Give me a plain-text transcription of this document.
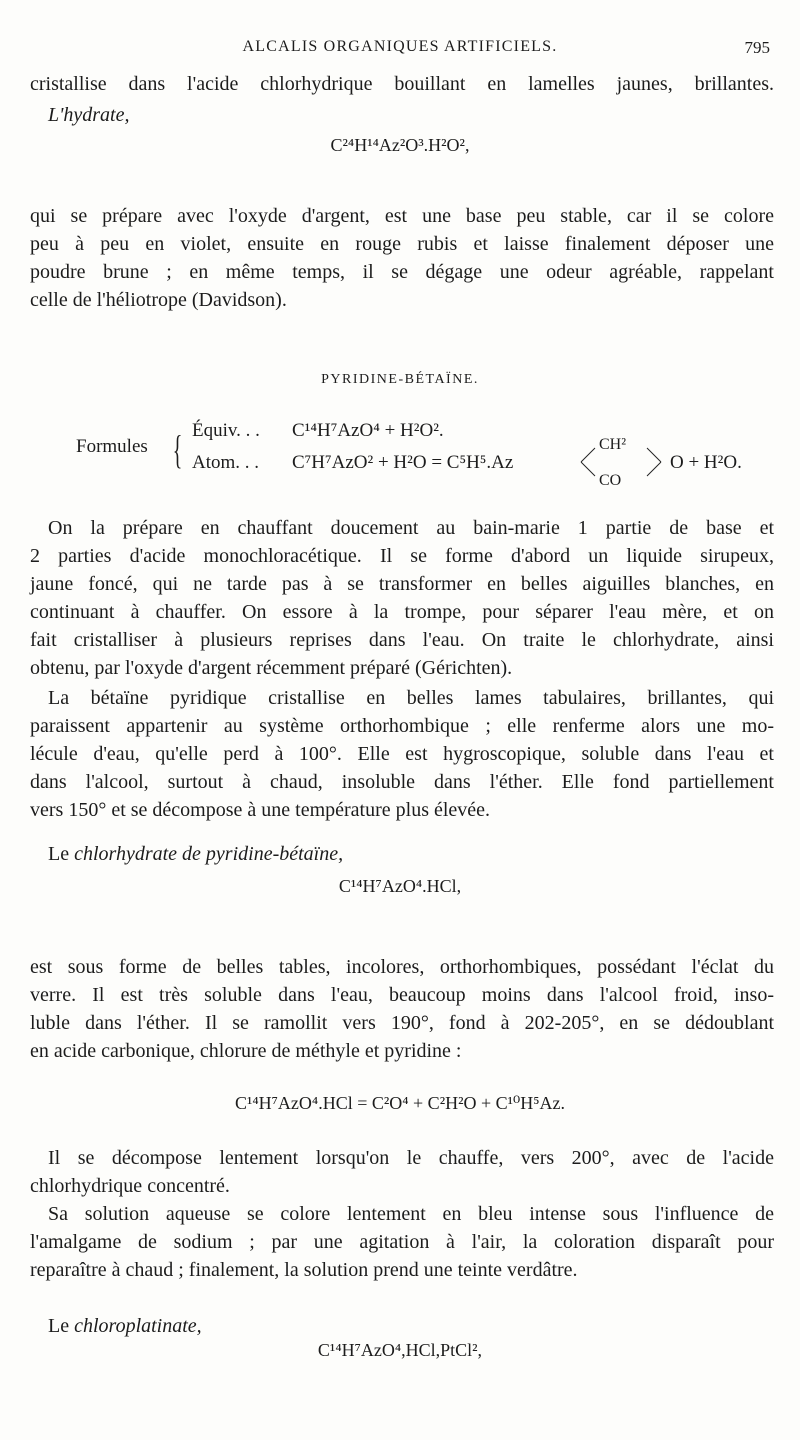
ALCALIS ORGANIQUES ARTIFICIELS.	795
cristallise dans l'acide chlorhydrique bouillant en lamelles jaunes, brillantes.
L'hydrate,
C²⁴H¹⁴Az²O³.H²O²,
qui se prépare avec l'oxyde d'argent, est une base peu stable, car il se colore
peu à peu en violet, ensuite en rouge rubis et laisse finalement déposer une
poudre brune ; en même temps, il se dégage une odeur agréable, rappelant
celle de l'héliotrope (Davidson).
PYRIDINE-BÉTAÏNE.
Formules { Équiv. . . C¹⁴H⁷AzO⁴ + H²O².
Atom. . . C⁷H⁷AzO² + H²O = C⁵H⁵.Az
CH²
CO
O + H²O.
On la prépare en chauffant doucement au bain-marie 1 partie de base et
2 parties d'acide monochloracétique. Il se forme d'abord un liquide sirupeux,
jaune foncé, qui ne tarde pas à se transformer en belles aiguilles blanches, en
continuant à chauffer. On essore à la trompe, pour séparer l'eau mère, et on
fait cristalliser à plusieurs reprises dans l'eau. On traite le chlorhydrate, ainsi
obtenu, par l'oxyde d'argent récemment préparé (Gérichten).
La bétaïne pyridique cristallise en belles lames tabulaires, brillantes, qui
paraissent appartenir au système orthorhombique ; elle renferme alors une mo-
lécule d'eau, qu'elle perd à 100°. Elle est hygroscopique, soluble dans l'eau et
dans l'alcool, surtout à chaud, insoluble dans l'éther. Elle fond partiellement
vers 150° et se décompose à une température plus élevée.
Le chlorhydrate de pyridine-bétaïne,
C¹⁴H⁷AzO⁴.HCl,
est sous forme de belles tables, incolores, orthorhombiques, possédant l'éclat du
verre. Il est très soluble dans l'eau, beaucoup moins dans l'alcool froid, inso-
luble dans l'éther. Il se ramollit vers 190°, fond à 202-205°, en se dédoublant
en acide carbonique, chlorure de méthyle et pyridine :
C¹⁴H⁷AzO⁴.HCl = C²O⁴ + C²H²O + C¹⁰H⁵Az.
Il se décompose lentement lorsqu'on le chauffe, vers 200°, avec de l'acide
chlorhydrique concentré.
Sa solution aqueuse se colore lentement en bleu intense sous l'influence de
l'amalgame de sodium ; par une agitation à l'air, la coloration disparaît pour
reparaître à chaud ; finalement, la solution prend une teinte verdâtre.
Le chloroplatinate,
C¹⁴H⁷AzO⁴,HCl,PtCl²,
